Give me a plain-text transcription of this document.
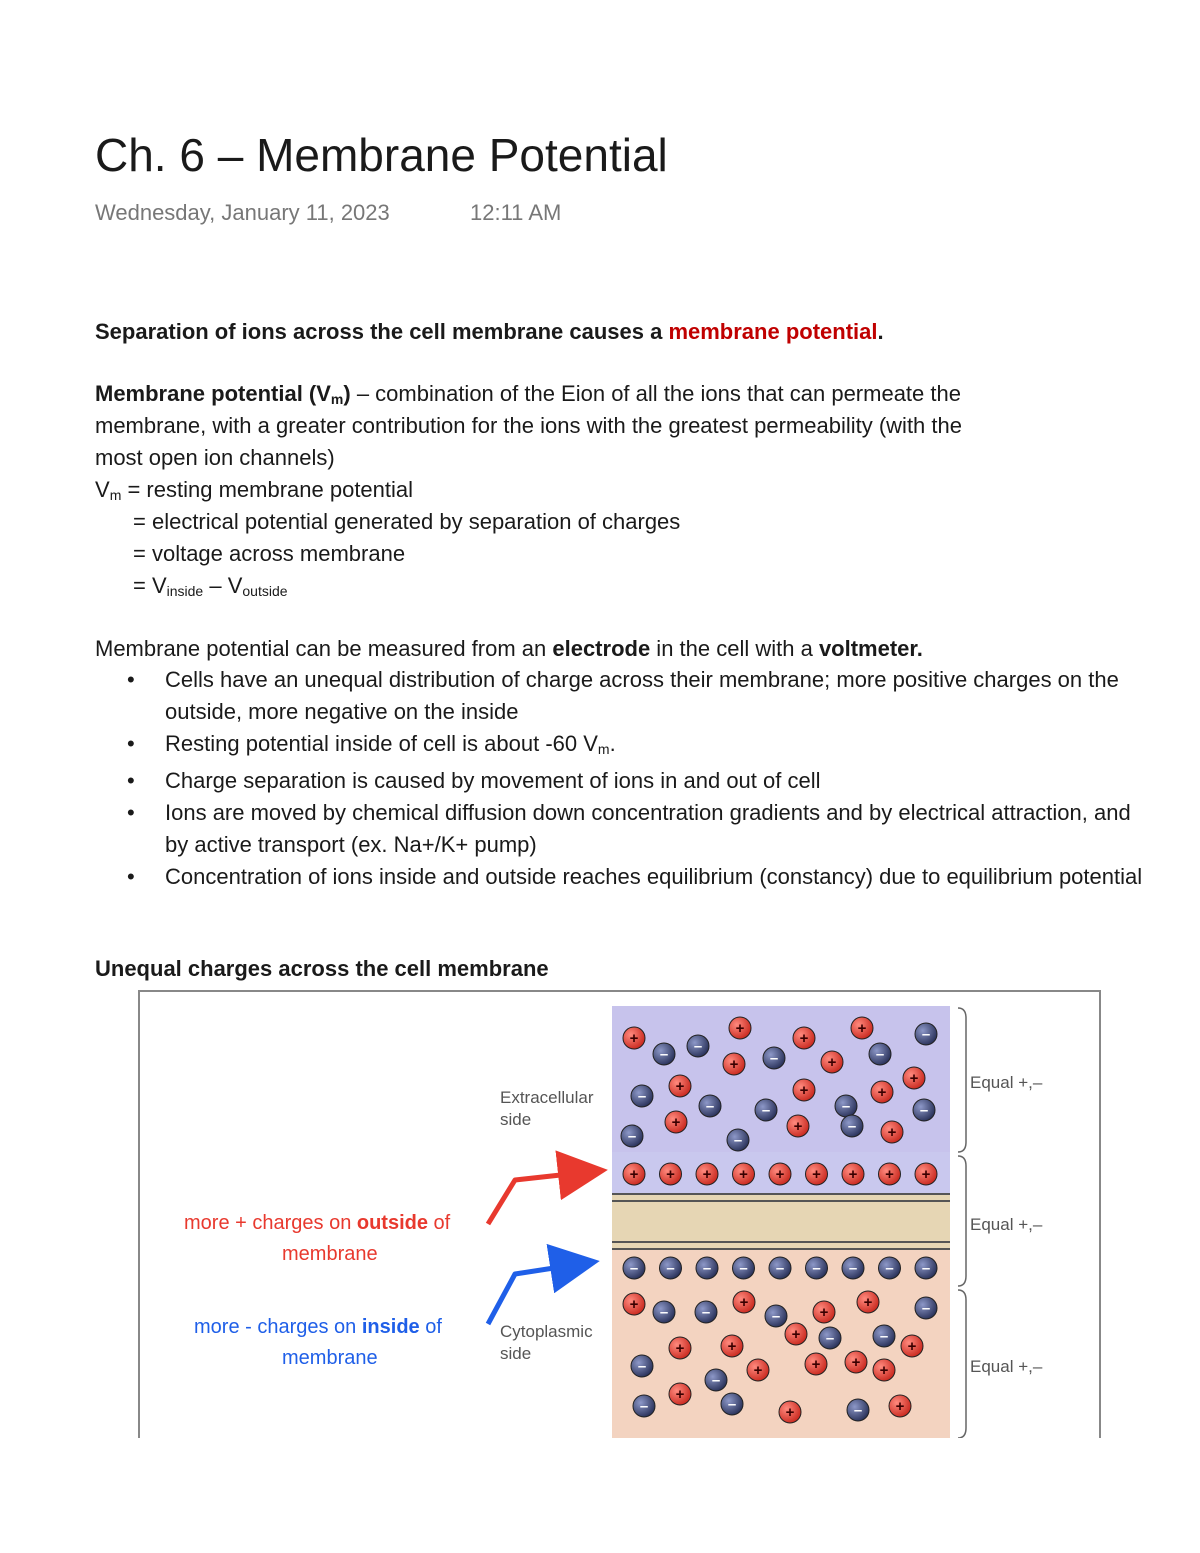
Ch. 6 – Membrane Potential
Wednesday, January 11, 2023	12:11 AM
Separation of ions across the cell membrane causes a membrane potential.
Membrane potential $(V_m)$ – combination of the Eion of all the ions that can permeate the
membrane, with a greater contribution for the ions with the greatest permeability (with the
most open ion channels)
$V_m$ = resting membrane potential
= electrical potential generated by separation of charges
= voltage across membrane
= $V_{inside} - V_{outside}$
Membrane potential can be measured from an electrode in the cell with a voltmeter.
• Cells have an unequal distribution of charge across their membrane; more positive charges on the outside, more negative on the inside
• Resting potential inside of cell is about -60 $V_m$.
• Charge separation is caused by movement of ions in and out of cell
• Ions are moved by chemical diffusion down concentration gradients and by electrical attraction, and by active transport (ex. Na+/K+ pump)
• Concentration of ions inside and outside reaches equilibrium (constancy) due to equilibrium potential
Unequal charges across the cell membrane
Extracellular
side
Cytoplasmic
side
Equal +,–
Equal +,–
Equal +,–
more + charges on outside of
membrane
more - charges on inside of
membrane
+
+
+
+	–
– –
–	+	–
+
+
+
–	+	+
–	–	–	–
+
–
+
–
– +
+ + + + + + + + +
– – – – – – – – –
+ – –
+
–	+
+	–
+ –	–
–
+	+
+
–
+
+
+
+
–
+
–	+	– +
